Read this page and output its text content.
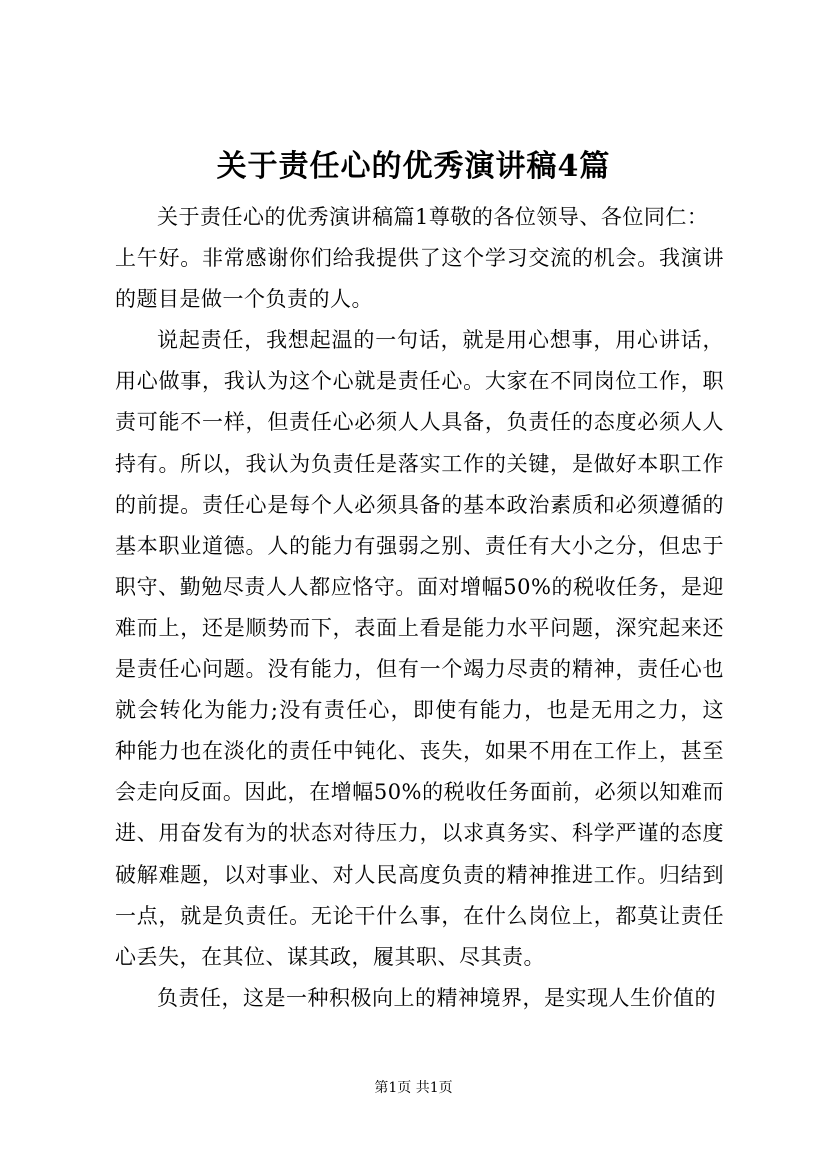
关于责任心的优秀演讲稿4篇

关于责任心的优秀演讲稿篇1尊敬的各位领导、各位同仁：

上午好。非常感谢你们给我提供了这个学习交流的机会。我演讲的题目是做一个负责的人。

说起责任，我想起温的一句话，就是用心想事，用心讲话，用心做事，我认为这个心就是责任心。大家在不同岗位工作，职责可能不一样，但责任心必须人人具备，负责任的态度必须人人持有。所以，我认为负责任是落实工作的关键，是做好本职工作的前提。责任心是每个人必须具备的基本政治素质和必须遵循的基本职业道德。人的能力有强弱之别、责任有大小之分，但忠于职守、勤勉尽责人人都应恪守。面对增幅50%的税收任务，是迎难而上，还是顺势而下，表面上看是能力水平问题，深究起来还是责任心问题。没有能力，但有一个竭力尽责的精神，责任心也就会转化为能力;没有责任心，即使有能力，也是无用之力，这种能力也在淡化的责任中钝化、丧失，如果不用在工作上，甚至会走向反面。因此，在增幅50%的税收任务面前，必须以知难而进、用奋发有为的状态对待压力，以求真务实、科学严谨的态度破解难题，以对事业、对人民高度负责的精神推进工作。归结到一点，就是负责任。无论干什么事，在什么岗位上，都莫让责任心丢失，在其位、谋其政，履其职、尽其责。

负责任，这是一种积极向上的精神境界，是实现人生价值的

第1页 共1页
